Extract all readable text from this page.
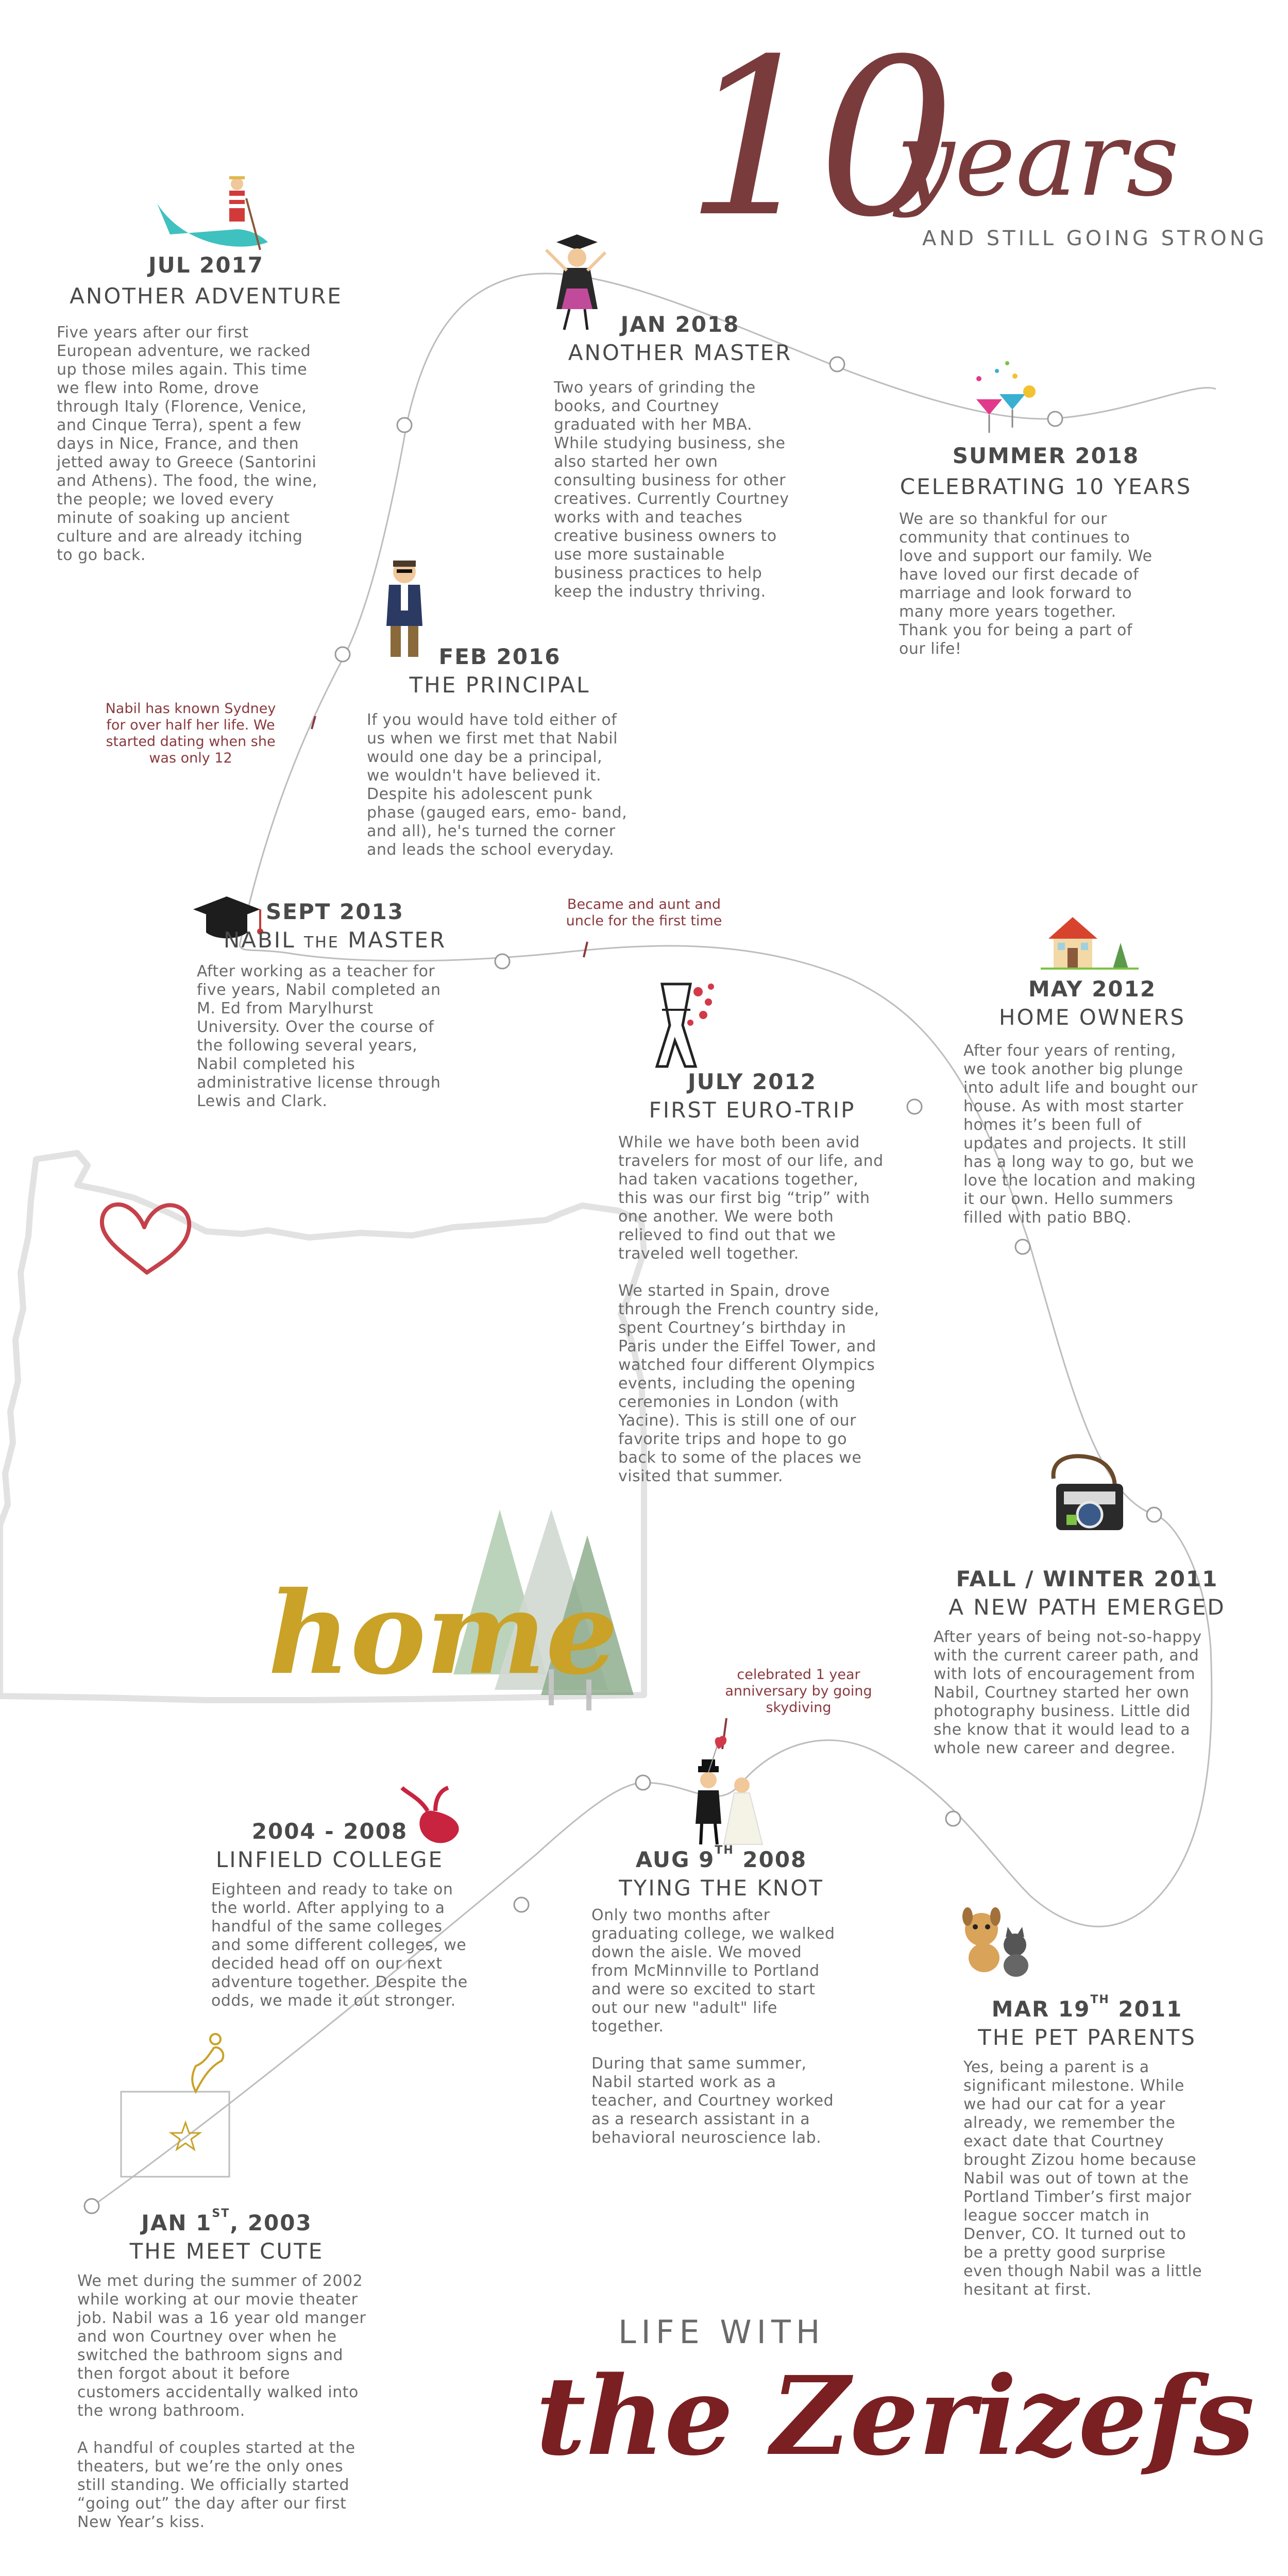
10
years
AND STILL GOING STRONG
JUL 2017
ANOTHER ADVENTURE
Five years after our first
European adventure, we racked
up those miles again. This time
we flew into Rome, drove
through Italy (Florence, Venice,
and Cinque Terra), spent a few
days in Nice, France, and then
jetted away to Greece (Santorini
and Athens). The food, the wine,
the people; we loved every
minute of soaking up ancient
culture and are already itching
to go back.
JAN 2018
ANOTHER MASTER
Two years of grinding the
books, and Courtney
graduated with her MBA.
While studying business, she
also started her own
consulting business for other
creatives. Currently Courtney
works with and teaches
creative business owners to
use more sustainable
business practices to help
keep the industry thriving.
SUMMER 2018
CELEBRATING 10 YEARS
We are so thankful for our
community that continues to
love and support our family. We
have loved our first decade of
marriage and look forward to
many more years together.
Thank you for being a part of
our life!
FEB 2016
THE PRINCIPAL
If you would have told either of
us when we first met that Nabil
would one day be a principal,
we wouldn't have believed it.
Despite his adolescent punk
phase (gauged ears, emo- band,
and all), he's turned the corner
and leads the school everyday.
Nabil has known Sydney
for over half her life. We
started dating when she
was only 12
SEPT 2013
NABIL THE MASTER
After working as a teacher for
five years, Nabil completed an
M. Ed from Marylhurst
University. Over the course of
the following several years,
Nabil completed his
administrative license through
Lewis and Clark.
Became and aunt and
uncle for the first time
JULY 2012
FIRST EURO-TRIP
While we have both been avid
travelers for most of our life, and
had taken vacations together,
this was our first big “trip” with
one another. We were both
relieved to find out that we
traveled well together.

We started in Spain, drove
through the French country side,
spent Courtney’s birthday in
Paris under the Eiffel Tower, and
watched four different Olympics
events, including the opening
ceremonies in London (with
Yacine). This is still one of our
favorite trips and hope to go
back to some of the places we
visited that summer.
MAY 2012
HOME OWNERS
After four years of renting,
we took another big plunge
into adult life and bought our
house. As with most starter
homes it’s been full of
updates and projects. It still
has a long way to go, but we
love the location and making
it our own. Hello summers
filled with patio BBQ.
FALL / WINTER 2011
A NEW PATH EMERGED
After years of being not-so-happy
with the current career path, and
with lots of encouragement from
Nabil, Courtney started her own
photography business. Little did
she know that it would lead to a
whole new career and degree.
home	celebrated 1 year
anniversary by going
skydiving
2004 - 2008
LINFIELD COLLEGE
Eighteen and ready to take on
the world. After applying to a
handful of the same colleges
and some different colleges, we
decided head off on our next
adventure together. Despite the
odds, we made it out stronger.
AUG 9TH 2008
TYING THE KNOT
Only two months after
graduating college, we walked
down the aisle. We moved
from McMinnville to Portland
and were so excited to start
out our new "adult" life
together.

During that same summer,
Nabil started work as a
teacher, and Courtney worked
as a research assistant in a
behavioral neuroscience lab.
MAR 19TH 2011
THE PET PARENTS
Yes, being a parent is a
significant milestone. While
we had our cat for a year
already, we remember the
exact date that Courtney
brought Zizou home because
Nabil was out of town at the
Portland Timber’s first major
league soccer match in
Denver, CO. It turned out to
be a pretty good surprise
even though Nabil was a little
hesitant at first.
JAN 1ST, 2003
THE MEET CUTE
We met during the summer of 2002
while working at our movie theater
job. Nabil was a 16 year old manger
and won Courtney over when he
switched the bathroom signs and
then forgot about it before
customers accidentally walked into
the wrong bathroom.

A handful of couples started at the
theaters, but we’re the only ones
still standing. We officially started
“going out” the day after our first
New Year’s kiss.
LIFE WITH
the Zerizefs
